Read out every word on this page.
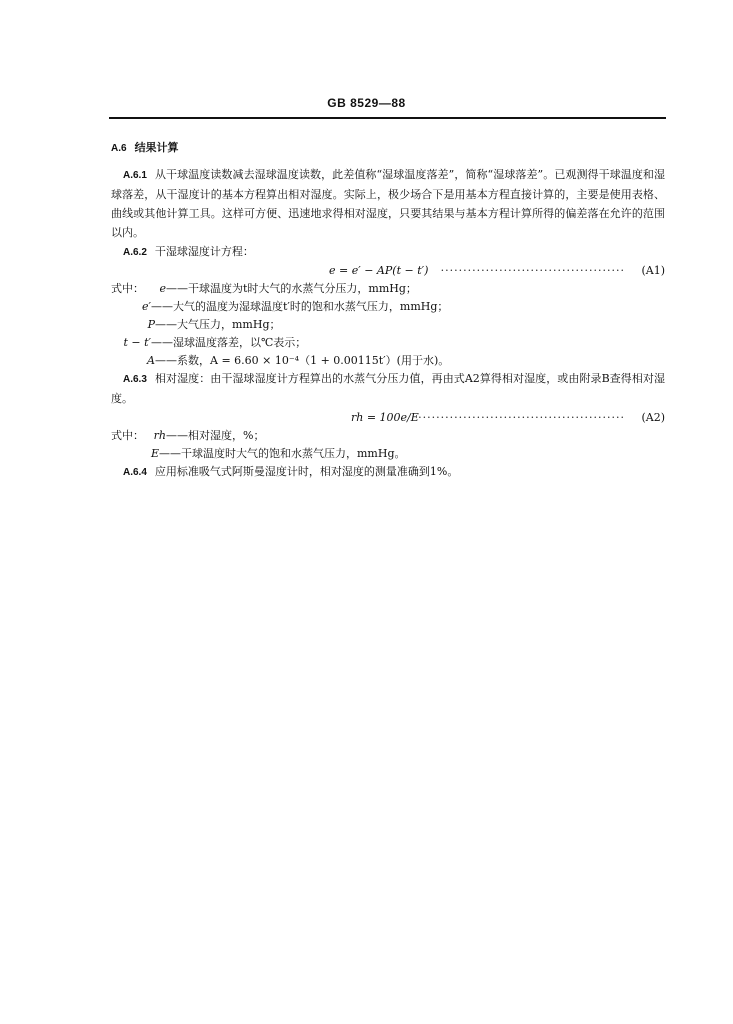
GB 8529—88
A.6 结果计算
A.6.1 从干球温度读数减去湿球温度读数，此差值称“湿球温度落差”，简称“湿球落差”。已观测得干球温度和湿球落差，从干湿度计的基本方程算出相对湿度。实际上，极少场合下是用基本方程直接计算的，主要是使用表格、曲线或其他计算工具。这样可方便、迅速地求得相对湿度，只要其结果与基本方程计算所得的偏差落在允许的范围以内。
A.6.2 干湿球湿度计方程：
e = e′ − AP(t − t′) ········································· (A1)
式中： e——干球温度为t时大气的水蒸气分压力，mmHg；
e′——大气的温度为湿球温度t′时的饱和水蒸气压力，mmHg；
P——大气压力，mmHg；
t − t′——湿球温度落差，以℃表示；
A——系数，A = 6.60 × 10⁻⁴（1 + 0.00115t′）(用于水)。
A.6.3 相对湿度：由干湿球湿度计方程算出的水蒸气分压力值，再由式A2算得相对湿度，或由附录B查得相对湿度。
rh = 100e/E ·············································· (A2)
式中： rh——相对湿度，%；
E——干球温度时大气的饱和水蒸气压力，mmHg。
A.6.4 应用标准吸气式阿斯曼湿度计时，相对湿度的测量准确到1%。
